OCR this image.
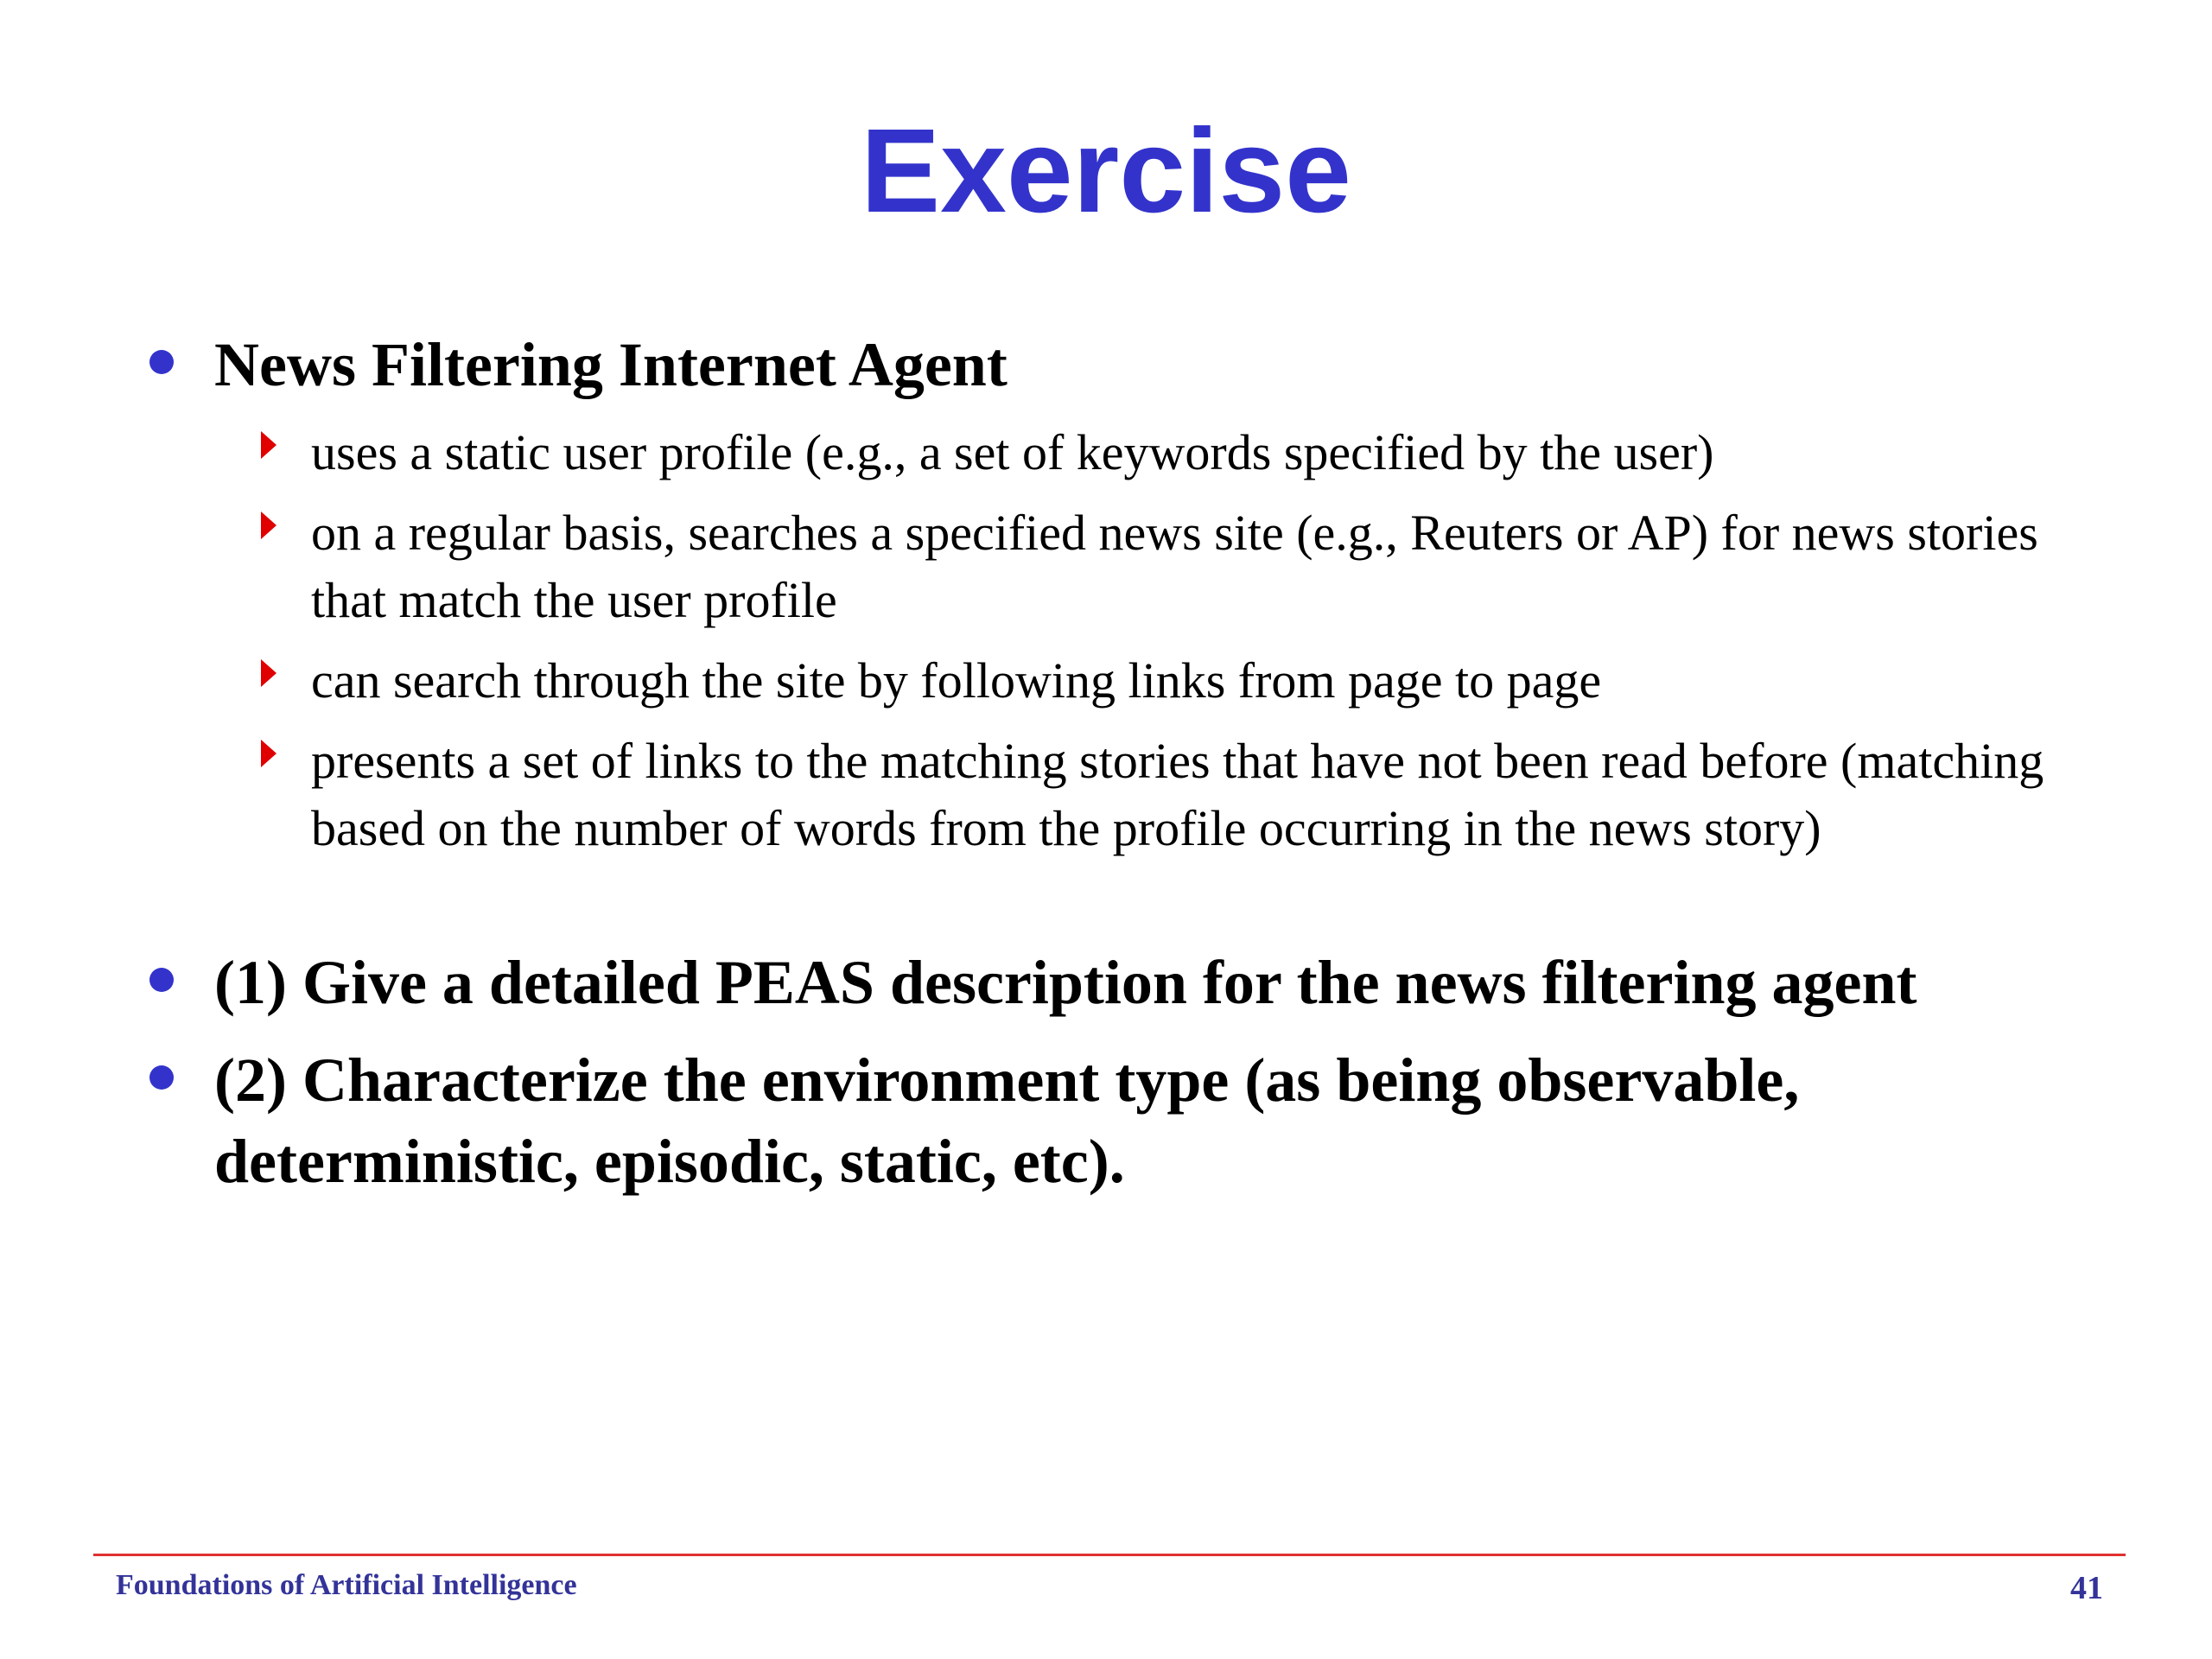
Exercise
News Filtering Internet Agent
uses a static user profile (e.g., a set of keywords specified by the user)
on a regular basis, searches a specified news site (e.g., Reuters or AP) for news stories that match the user profile
can search through the site by following links from page to page
presents a set of links to the matching stories that have not been read before (matching based on the number of words from the profile occurring in the news story)
(1) Give a detailed PEAS description for the news filtering agent
(2) Characterize the environment type (as being observable, deterministic, episodic, static, etc).
Foundations of Artificial Intelligence	41
